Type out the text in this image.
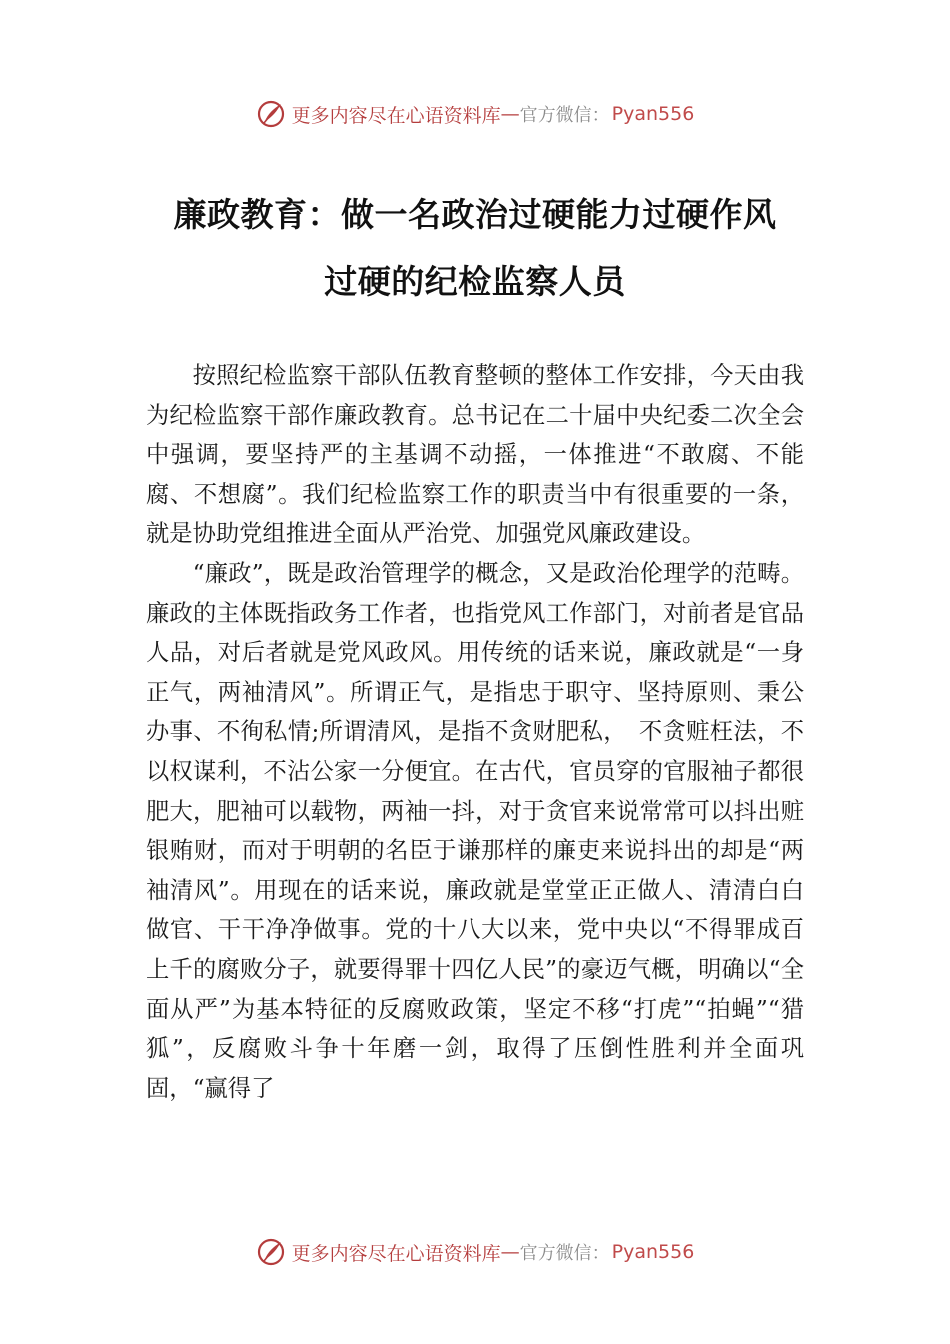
更多内容尽在心语资料库 — 官方微信： Pyan556
廉政教育：做一名政治过硬能力过硬作风
过硬的纪检监察人员

按照纪检监察干部队伍教育整顿的整体工作安排，今天由我为纪检监察干部作廉政教育。总书记在二十届中央纪委二次全会中强调，要坚持严的主基调不动摇，一体推进“不敢腐、不能腐、不想腐”。我们纪检监察工作的职责当中有很重要的一条，就是协助党组推进全面从严治党、加强党风廉政建设。

“廉政”，既是政治管理学的概念，又是政治伦理学的范畴。廉政的主体既指政务工作者，也指党风工作部门，对前者是官品人品，对后者就是党风政风。用传统的话来说，廉政就是“一身正气，两袖清风”。所谓正气，是指忠于职守、坚持原则、秉公办事、不徇私情;所谓清风，是指不贪财肥私，　不贪赃枉法，不以权谋利，不沾公家一分便宜。在古代，官员穿的官服袖子都很肥大，肥袖可以载物，两袖一抖，对于贪官来说常常可以抖出赃银贿财，而对于明朝的名臣于谦那样的廉吏来说抖出的却是“两袖清风”。用现在的话来说，廉政就是堂堂正正做人、清清白白做官、干干净净做事。党的十八大以来，党中央以“不得罪成百上千的腐败分子，就要得罪十四亿人民”的豪迈气概，明确以“全面从严”为基本特征的反腐败政策，坚定不移“打虎”“拍蝇”“猎狐”，反腐败斗争十年磨一剑，取得了压倒性胜利并全面巩固，“赢得了

更多内容尽在心语资料库 — 官方微信： Pyan556
